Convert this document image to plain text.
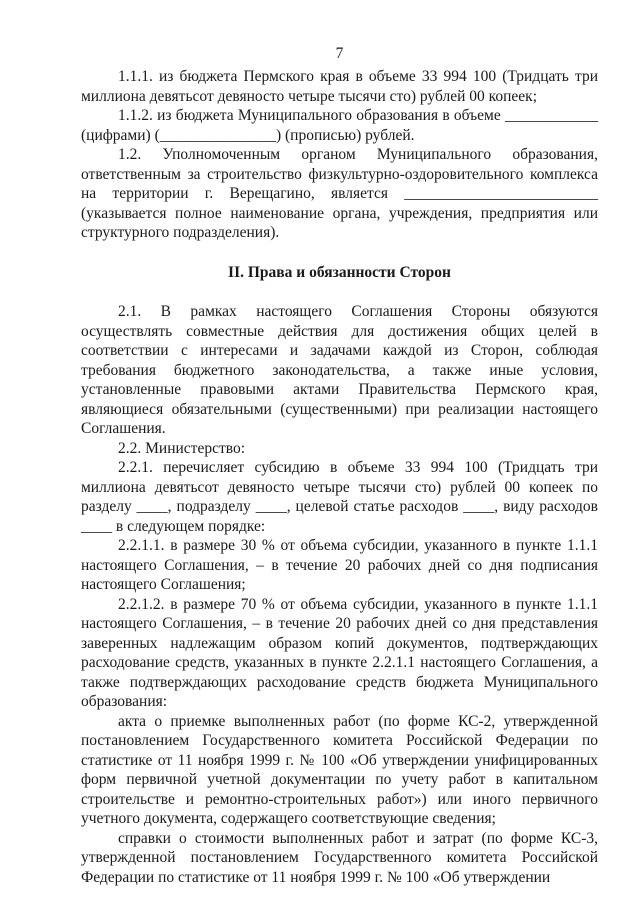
7

1.1.1. из бюджета Пермского края в объеме 33 994 100 (Тридцать три миллиона девятьсот девяносто четыре тысячи сто) рублей 00 копеек;

1.1.2. из бюджета Муниципального образования в объеме ____________ (цифрами) (_______________) (прописью) рублей.

1.2. Уполномоченным органом Муниципального образования, ответственным за строительство физкультурно-оздоровительного комплекса на территории г. Верещагино, является _________________________ (указывается полное наименование органа, учреждения, предприятия или структурного подразделения).

II. Права и обязанности Сторон

2.1. В рамках настоящего Соглашения Стороны обязуются осуществлять совместные действия для достижения общих целей в соответствии с интересами и задачами каждой из Сторон, соблюдая требования бюджетного законодательства, а также иные условия, установленные правовыми актами Правительства Пермского края, являющиеся обязательными (существенными) при реализации настоящего Соглашения.

2.2. Министерство:

2.2.1. перечисляет субсидию в объеме 33 994 100 (Тридцать три миллиона девятьсот девяносто четыре тысячи сто) рублей 00 копеек по разделу ____, подразделу ____, целевой статье расходов ____, виду расходов ____ в следующем порядке:

2.2.1.1. в размере 30 % от объема субсидии, указанного в пункте 1.1.1 настоящего Соглашения, – в течение 20 рабочих дней со дня подписания настоящего Соглашения;

2.2.1.2. в размере 70 % от объема субсидии, указанного в пункте 1.1.1 настоящего Соглашения, – в течение 20 рабочих дней со дня представления заверенных надлежащим образом копий документов, подтверждающих расходование средств, указанных в пункте 2.2.1.1 настоящего Соглашения, а также подтверждающих расходование средств бюджета Муниципального образования:

акта о приемке выполненных работ (по форме КС-2, утвержденной постановлением Государственного комитета Российской Федерации по статистике от 11 ноября 1999 г. № 100 «Об утверждении унифицированных форм первичной учетной документации по учету работ в капитальном строительстве и ремонтно-строительных работ») или иного первичного учетного документа, содержащего соответствующие сведения;

справки о стоимости выполненных работ и затрат (по форме КС-3, утвержденной постановлением Государственного комитета Российской Федерации по статистике от 11 ноября 1999 г. № 100 «Об утверждении
